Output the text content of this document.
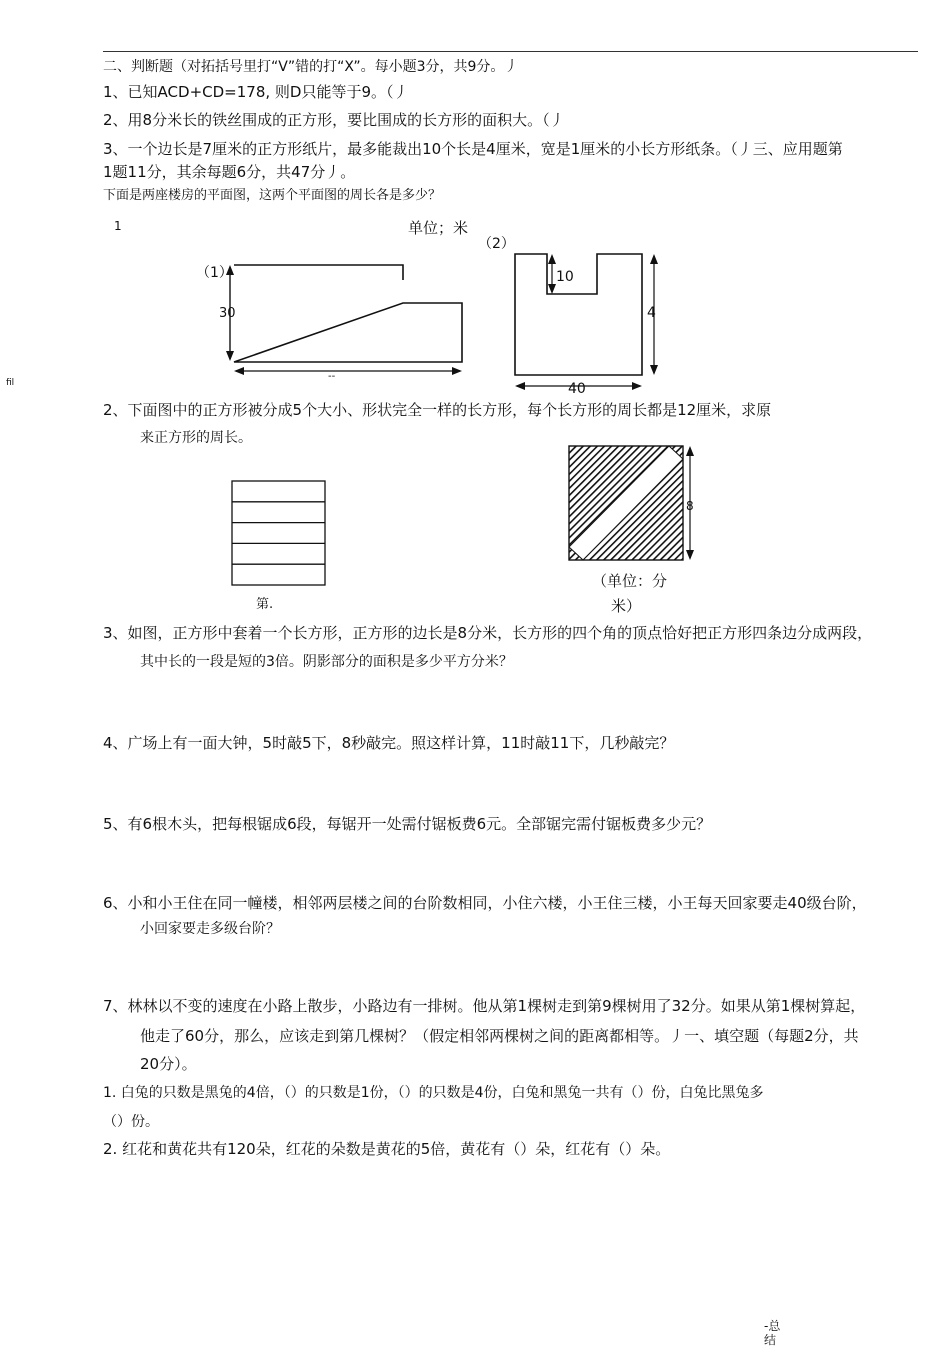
二、判断题（对拓括号里打“V”错的打“X”。每小题3分，共9分。丿
1、已知ACD+CD=178, 则D只能等于9。（丿
2、用8分米长的铁丝围成的正方形，要比围成的长方形的面积大。（丿
3、一个边长是7厘米的正方形纸片，最多能裁出10个长是4厘米，宽是1厘米的小长方形纸条。（丿三、应用题第
1题11分，其余每题6分，共47分丿。
下面是两座楼房的平面图，这两个平面图的周长各是多少？
1	单位；米
fil
（1）
30
--
（2）
10
4
40
2、下面图中的正方形被分成5个大小、形状完全一样的长方形，每个长方形的周长都是12厘米，求原
来正方形的周长。
第.
8
（单位：分
米）
3、如图，正方形中套着一个长方形，正方形的边长是8分米，长方形的四个角的顶点恰好把正方形四条边分成两段，
其中长的一段是短的3倍。阴影部分的面积是多少平方分米？
4、广场上有一面大钟，5时敲5下，8秒敲完。照这样计算，11时敲11下，几秒敲完？
5、有6根木头，把每根锯成6段，每锯开一处需付锯板费6元。全部锯完需付锯板费多少元？
6、小和小王住在同一幢楼，相邻两层楼之间的台阶数相同，小住六楼，小王住三楼，小王每天回家要走40级台阶，
小回家要走多级台阶？
7、林林以不变的速度在小路上散步，小路边有一排树。他从第1棵树走到第9棵树用了32分。如果从第1棵树算起，
他走了60分，那么，应该走到第几棵树？（假定相邻两棵树之间的距离都相等。丿一、填空题（每题2分，共
20分）。
1. 白兔的只数是黑兔的4倍，（）的只数是1份，（）的只数是4份，白兔和黑兔一共有（）份，白兔比黑兔多
（）份。
2. 红花和黄花共有120朵，红花的朵数是黄花的5倍，黄花有（）朵，红花有（）朵。
-总
结
